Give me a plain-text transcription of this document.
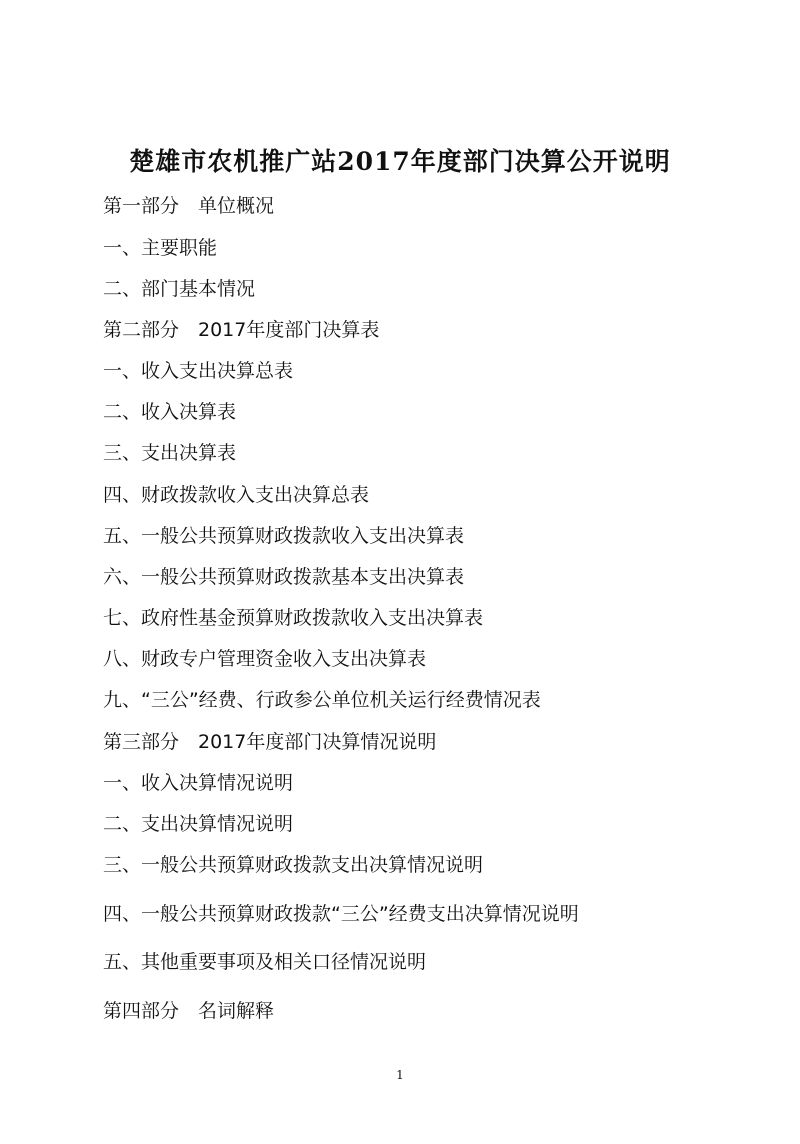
楚雄市农机推广站2017年度部门决算公开说明
第一部分　单位概况
一、主要职能
二、部门基本情况
第二部分　2017年度部门决算表
一、收入支出决算总表
二、收入决算表
三、支出决算表
四、财政拨款收入支出决算总表
五、一般公共预算财政拨款收入支出决算表
六、一般公共预算财政拨款基本支出决算表
七、政府性基金预算财政拨款收入支出决算表
八、财政专户管理资金收入支出决算表
九、“三公”经费、行政参公单位机关运行经费情况表
第三部分　2017年度部门决算情况说明
一、收入决算情况说明
二、支出决算情况说明
三、一般公共预算财政拨款支出决算情况说明
四、一般公共预算财政拨款“三公”经费支出决算情况说明
五、其他重要事项及相关口径情况说明
第四部分　名词解释
1
